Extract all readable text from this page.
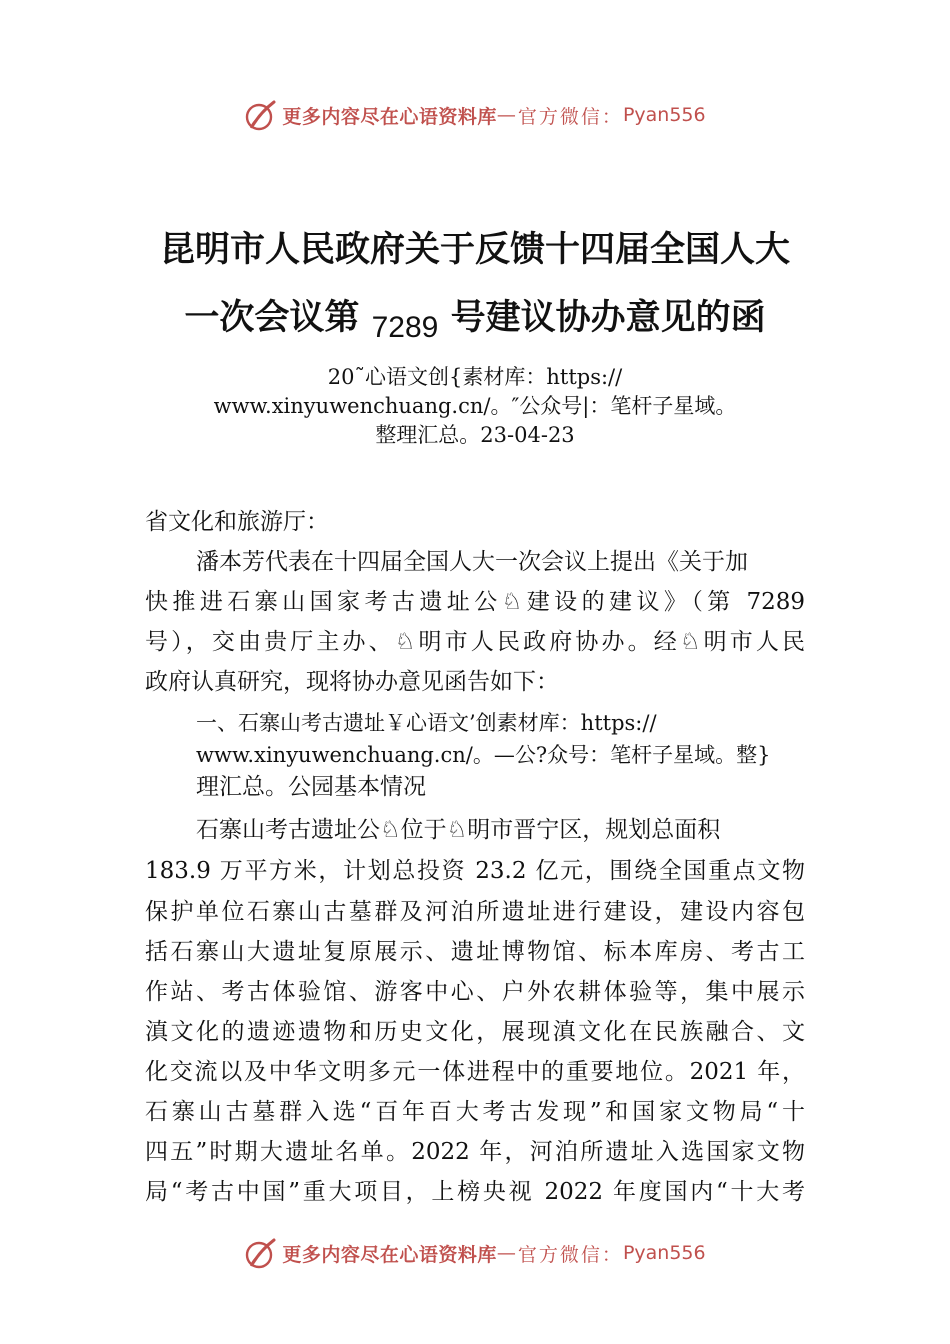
更多内容尽在心语资料库 — 官方微信： Pyan556
昆明市人民政府关于反馈十四届全国人大
一次会议第 7289 号建议协办意见的函
20˜心语文创{素材库：https://
www.xinyuwenchuang.cn/。″公众号|：笔杆子星域。
整理汇总。23-04-23
省文化和旅游厅：
潘本芳代表在十四届全国人大一次会议上提出《关于加
快推进石寨山国家考古遗址公♘建设的建议》（第 7289
号），交由贵厅主办、♘明市人民政府协办。经♘明市人民
政府认真研究，现将协办意见函告如下：
一、石寨山考古遗址￥心语文’创素材库：https://
www.xinyuwenchuang.cn/。—公?众号：笔杆子星域。整}
理汇总。公园基本情况
石寨山考古遗址公♘位于♘明市晋宁区，规划总面积
183.9 万平方米，计划总投资 23.2 亿元，围绕全国重点文物
保护单位石寨山古墓群及河泊所遗址进行建设，建设内容包
括石寨山大遗址复原展示、遗址博物馆、标本库房、考古工
作站、考古体验馆、游客中心、户外农耕体验等，集中展示
滇文化的遗迹遗物和历史文化，展现滇文化在民族融合、文
化交流以及中华文明多元一体进程中的重要地位。2021 年，
石寨山古墓群入选“百年百大考古发现”和国家文物局“十
四五”时期大遗址名单。2022 年，河泊所遗址入选国家文物
局“考古中国”重大项目，上榜央视 2022 年度国内“十大考
更多内容尽在心语资料库 — 官方微信： Pyan556
